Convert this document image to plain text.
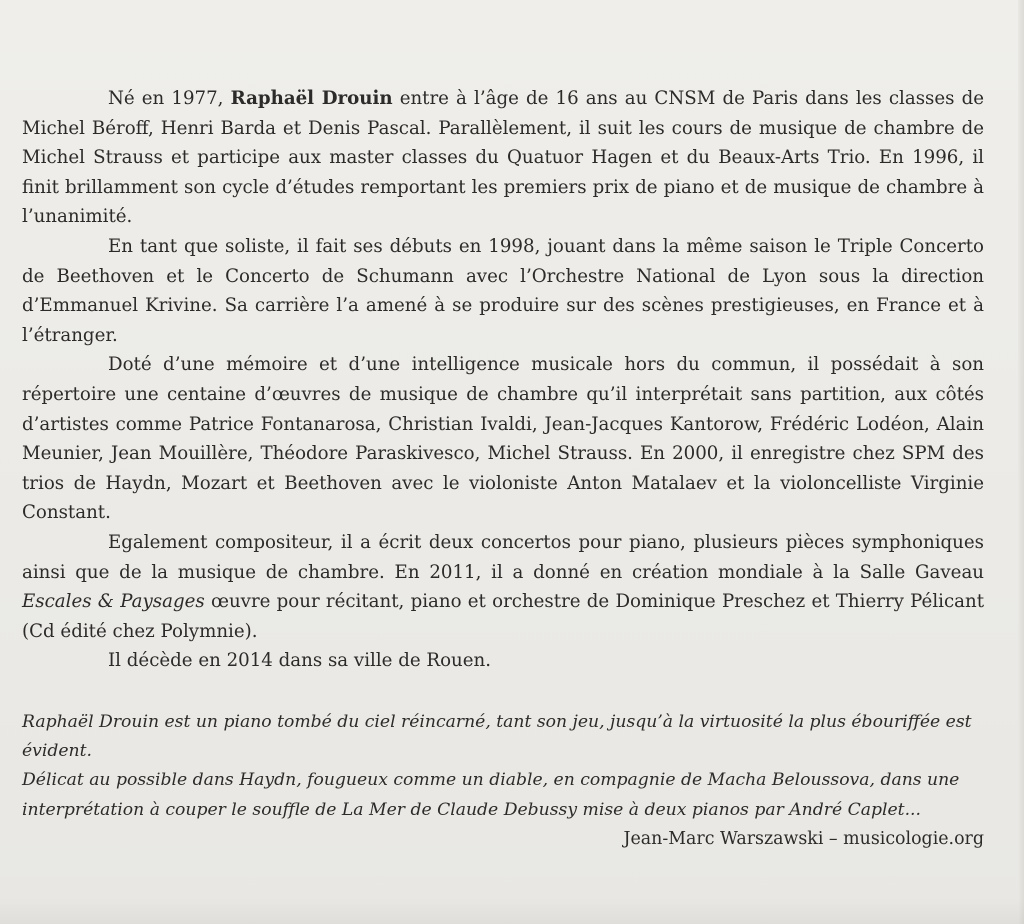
Né en 1977, Raphaël Drouin entre à l’âge de 16 ans au CNSM de Paris dans les classes de Michel Béroff, Henri Barda et Denis Pascal. Parallèlement, il suit les cours de musique de chambre de Michel Strauss et participe aux master classes du Quatuor Hagen et du Beaux-Arts Trio. En 1996, il finit brillamment son cycle d’études remportant les premiers prix de piano et de musique de chambre à l’unanimité.

En tant que soliste, il fait ses débuts en 1998, jouant dans la même saison le Triple Concerto de Beethoven et le Concerto de Schumann avec l’Orchestre National de Lyon sous la direction d’Emmanuel Krivine. Sa carrière l’a amené à se produire sur des scènes prestigieuses, en France et à l’étranger.

Doté d’une mémoire et d’une intelligence musicale hors du commun, il possédait à son répertoire une centaine d’œuvres de musique de chambre qu’il interprétait sans partition, aux côtés d’artistes comme Patrice Fontanarosa, Christian Ivaldi, Jean-Jacques Kantorow, Frédéric Lodéon, Alain Meunier, Jean Mouillère, Théodore Paraskivesco, Michel Strauss. En 2000, il enregistre chez SPM des trios de Haydn, Mozart et Beethoven avec le violoniste Anton Matalaev et la violoncelliste Virginie Constant.

Egalement compositeur, il a écrit deux concertos pour piano, plusieurs pièces symphoniques ainsi que de la musique de chambre. En 2011, il a donné en création mondiale à la Salle Gaveau Escales & Paysages œuvre pour récitant, piano et orchestre de Dominique Preschez et Thierry Pélicant (Cd édité chez Polymnie).

Il décède en 2014 dans sa ville de Rouen.

Raphaël Drouin est un piano tombé du ciel réincarné, tant son jeu, jusqu’à la virtuosité la plus ébouriffée est évident.

Délicat au possible dans Haydn, fougueux comme un diable, en compagnie de Macha Beloussova, dans une interprétation à couper le souffle de La Mer de Claude Debussy mise à deux pianos par André Caplet...

Jean-Marc Warszawski – musicologie.org
